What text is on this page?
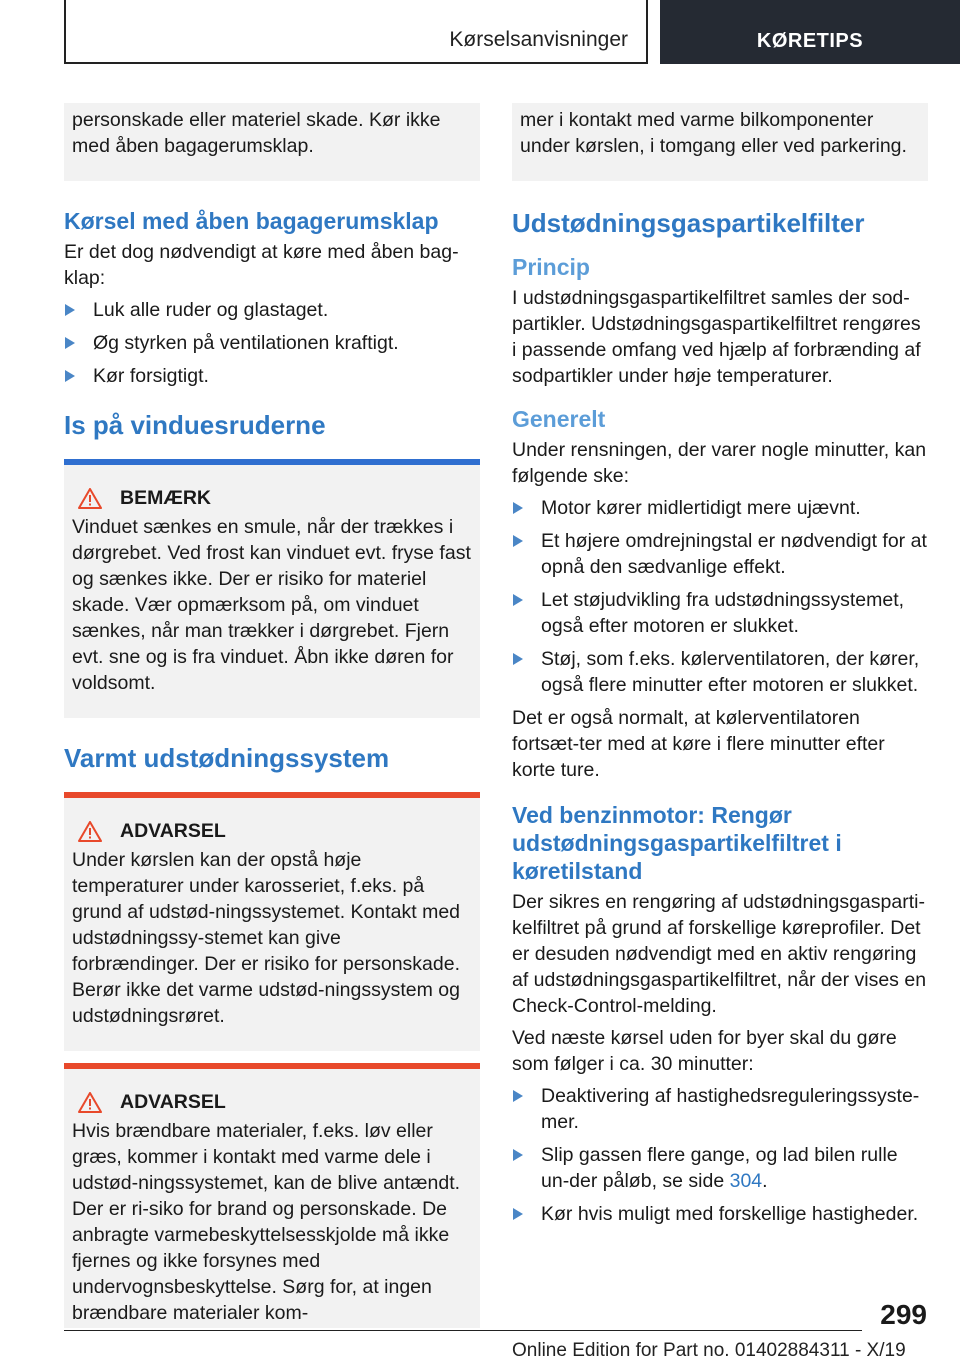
Kørselsanvisninger	KØRETIPS

personskade eller materiel skade. Kør ikke med åben bagagerumsklap.

Kørsel med åben bagagerumsklap

Er det dog nødvendigt at køre med åben bag-klap:

Luk alle ruder og glastaget.
Øg styrken på ventilationen kraftigt.
Kør forsigtigt.
Is på vinduesruderne
BEMÆRK

Vinduet sænkes en smule, når der trækkes i dørgrebet. Ved frost kan vinduet evt. fryse fast og sænkes ikke. Der er risiko for materiel skade. Vær opmærksom på, om vinduet sænkes, når man trækker i dørgrebet. Fjern evt. sne og is fra vinduet. Åbn ikke døren for voldsomt.

Varmt udstødningssystem
ADVARSEL

Under kørslen kan der opstå høje temperaturer under karosseriet, f.eks. på grund af udstød-ningssystemet. Kontakt med udstødningssy-stemet kan give forbrændinger. Der er risiko for personskade. Berør ikke det varme udstød-ningssystem og udstødningsrøret.

ADVARSEL

Hvis brændbare materialer, f.eks. løv eller græs, kommer i kontakt med varme dele i udstød-ningssystemet, kan de blive antændt. Der er ri-siko for brand og personskade. De anbragte varmebeskyttelsesskjolde må ikke fjernes og ikke forsynes med undervognsbeskyttelse. Sørg for, at ingen brændbare materialer kom-

mer i kontakt med varme bilkomponenter under kørslen, i tomgang eller ved parkering.

Udstødningsgaspartikelfilter
Princip

I udstødningsgaspartikelfiltret samles der sod-partikler. Udstødningsgaspartikelfiltret rengøres i passende omfang ved hjælp af forbrænding af sodpartikler under høje temperaturer.

Generelt

Under rensningen, der varer nogle minutter, kan følgende ske:

Motor kører midlertidigt mere ujævnt.
Et højere omdrejningstal er nødvendigt for at opnå den sædvanlige effekt.
Let støjudvikling fra udstødningssystemet, også efter motoren er slukket.
Støj, som f.eks. kølerventilatoren, der kører, også flere minutter efter motoren er slukket.

Det er også normalt, at kølerventilatoren fortsæt-ter med at køre i flere minutter efter korte ture.

Ved benzinmotor: Rengør udstødningsgaspartikelfiltret i køretilstand

Der sikres en rengøring af udstødningsgasparti-kelfiltret på grund af forskellige køreprofiler. Det er desuden nødvendigt med en aktiv rengøring af udstødningsgaspartikelfiltret, når der vises en Check-Control-melding.

Ved næste kørsel uden for byer skal du gøre som følger i ca. 30 minutter:

Deaktivering af hastighedsreguleringssyste-mer.
Slip gassen flere gange, og lad bilen rulle un-der påløb, se side 304.
Kør hvis muligt med forskellige hastigheder.
299
Online Edition for Part no. 01402884311 - X/19
